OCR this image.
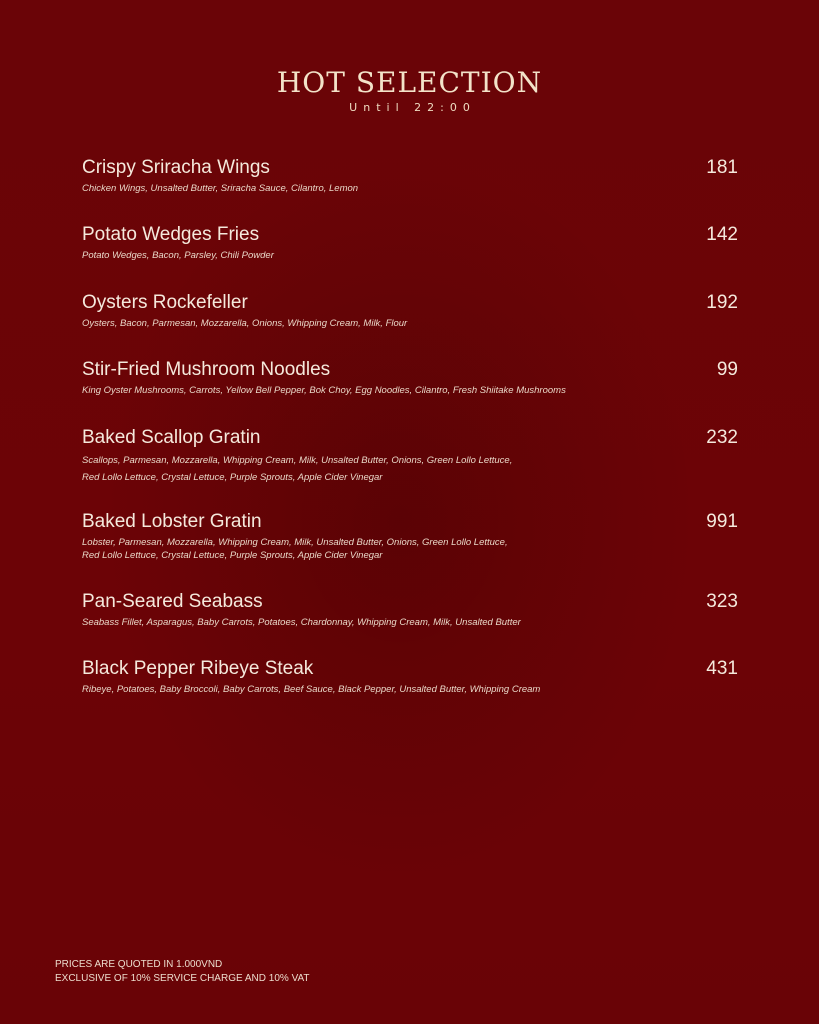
HOT SELECTION
Until 22:00
Crispy Sriracha Wings	181
Chicken Wings, Unsalted Butter, Sriracha Sauce, Cilantro, Lemon
Potato Wedges Fries	142
Potato Wedges, Bacon, Parsley, Chili Powder
Oysters Rockefeller	192
Oysters, Bacon, Parmesan, Mozzarella, Onions, Whipping Cream, Milk, Flour
Stir-Fried Mushroom Noodles	99
King Oyster Mushrooms, Carrots, Yellow Bell Pepper, Bok Choy, Egg Noodles, Cilantro, Fresh Shiitake Mushrooms
Baked Scallop Gratin	232
Scallops, Parmesan, Mozzarella, Whipping Cream, Milk, Unsalted Butter, Onions, Green Lollo Lettuce,
Red Lollo Lettuce, Crystal Lettuce, Purple Sprouts, Apple Cider Vinegar
Baked Lobster Gratin	991
Lobster, Parmesan, Mozzarella, Whipping Cream, Milk, Unsalted Butter, Onions, Green Lollo Lettuce,
Red Lollo Lettuce, Crystal Lettuce, Purple Sprouts, Apple Cider Vinegar
Pan-Seared Seabass	323
Seabass Fillet, Asparagus, Baby Carrots, Potatoes, Chardonnay, Whipping Cream, Milk, Unsalted Butter
Black Pepper Ribeye Steak	431
Ribeye, Potatoes, Baby Broccoli, Baby Carrots, Beef Sauce, Black Pepper, Unsalted Butter, Whipping Cream
PRICES ARE QUOTED IN 1.000VND
EXCLUSIVE OF 10% SERVICE CHARGE AND 10% VAT
